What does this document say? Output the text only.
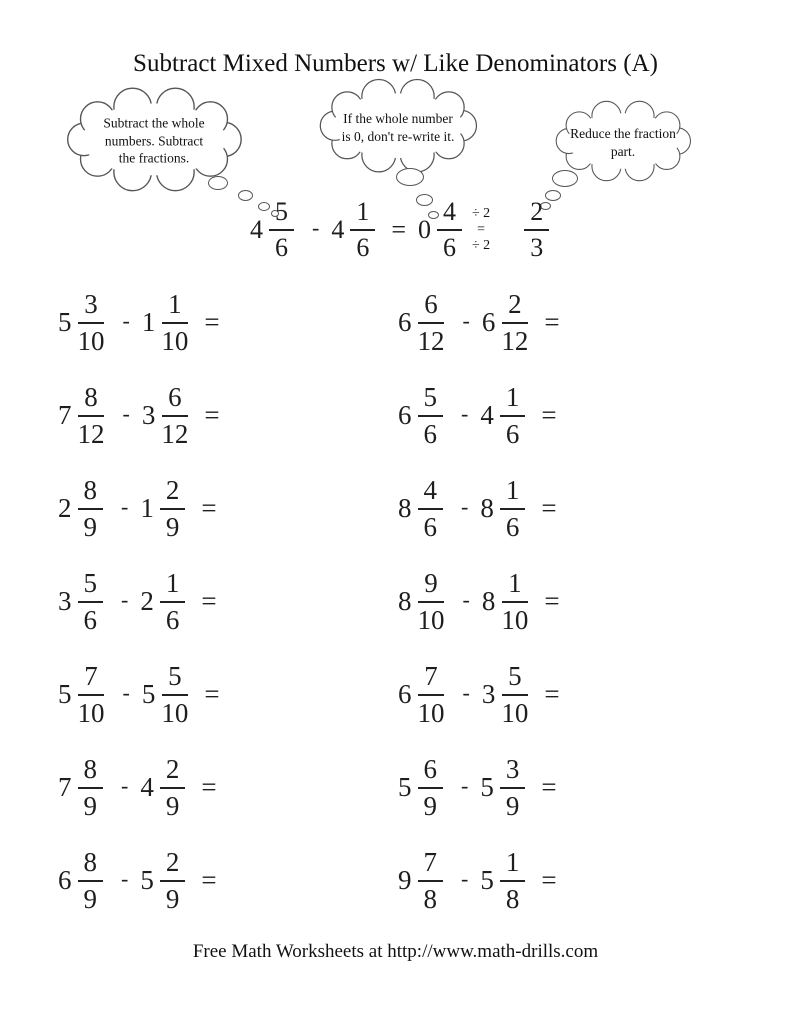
Subtract Mixed Numbers w/ Like Denominators (A)
Subtract the whole numbers. Subtract the fractions.
If the whole number is 0, don't re-write it.	Reduce the fraction part.
$4 \frac{5}{6} - 4 \frac{1}{6} = 0 \frac{4}{6} \div 2$
=
÷ $2 \frac{2}{3}$
$5 \frac{3}{10} - 1 \frac{1}{10}$ =
$7 \frac{8}{12} - 3 \frac{6}{12}$ =
$2 \frac{8}{9} - 1 \frac{2}{9}$ =
$3 \frac{5}{6} - 2 \frac{1}{6}$ =
$5 \frac{7}{10} - 5 \frac{5}{10}$ =
$7 \frac{8}{9} - 4 \frac{2}{9}$ =
$6 \frac{8}{9} - 5 \frac{2}{9}$ =
$6 \frac{6}{12} - 6 \frac{2}{12}$ =
$6 \frac{5}{6} - 4 \frac{1}{6}$ =
$8 \frac{4}{6} - 8 \frac{1}{6}$ =
$8 \frac{9}{10} - 8 \frac{1}{10}$ =
$6 \frac{7}{10} - 3 \frac{5}{10}$ =
$5 \frac{6}{9} - 5 \frac{3}{9}$ =
$9 \frac{7}{8} - 5 \frac{1}{8}$ =
Free Math Worksheets at http://www.math-drills.com
